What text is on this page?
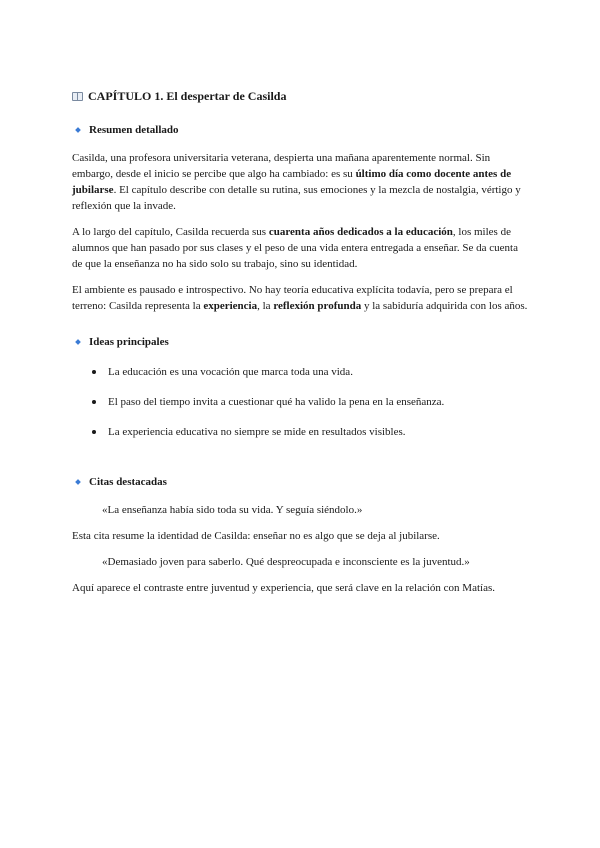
CAPÍTULO 1. El despertar de Casilda
Resumen detallado

Casilda, una profesora universitaria veterana, despierta una mañana aparentemente normal. Sin embargo, desde el inicio se percibe que algo ha cambiado: es su último día como docente antes de jubilarse. El capítulo describe con detalle su rutina, sus emociones y la mezcla de nostalgia, vértigo y reflexión que la invade.

A lo largo del capítulo, Casilda recuerda sus cuarenta años dedicados a la educación, los miles de alumnos que han pasado por sus clases y el peso de una vida entera entregada a enseñar. Se da cuenta de que la enseñanza no ha sido solo su trabajo, sino su identidad.

El ambiente es pausado e introspectivo. No hay teoría educativa explícita todavía, pero se prepara el terreno: Casilda representa la experiencia, la reflexión profunda y la sabiduría adquirida con los años.

Ideas principales
La educación es una vocación que marca toda una vida.
El paso del tiempo invita a cuestionar qué ha valido la pena en la enseñanza.
La experiencia educativa no siempre se mide en resultados visibles.
Citas destacadas

«La enseñanza había sido toda su vida. Y seguía siéndolo.»

Esta cita resume la identidad de Casilda: enseñar no es algo que se deja al jubilarse.

«Demasiado joven para saberlo. Qué despreocupada e inconsciente es la juventud.»

Aquí aparece el contraste entre juventud y experiencia, que será clave en la relación con Matías.
